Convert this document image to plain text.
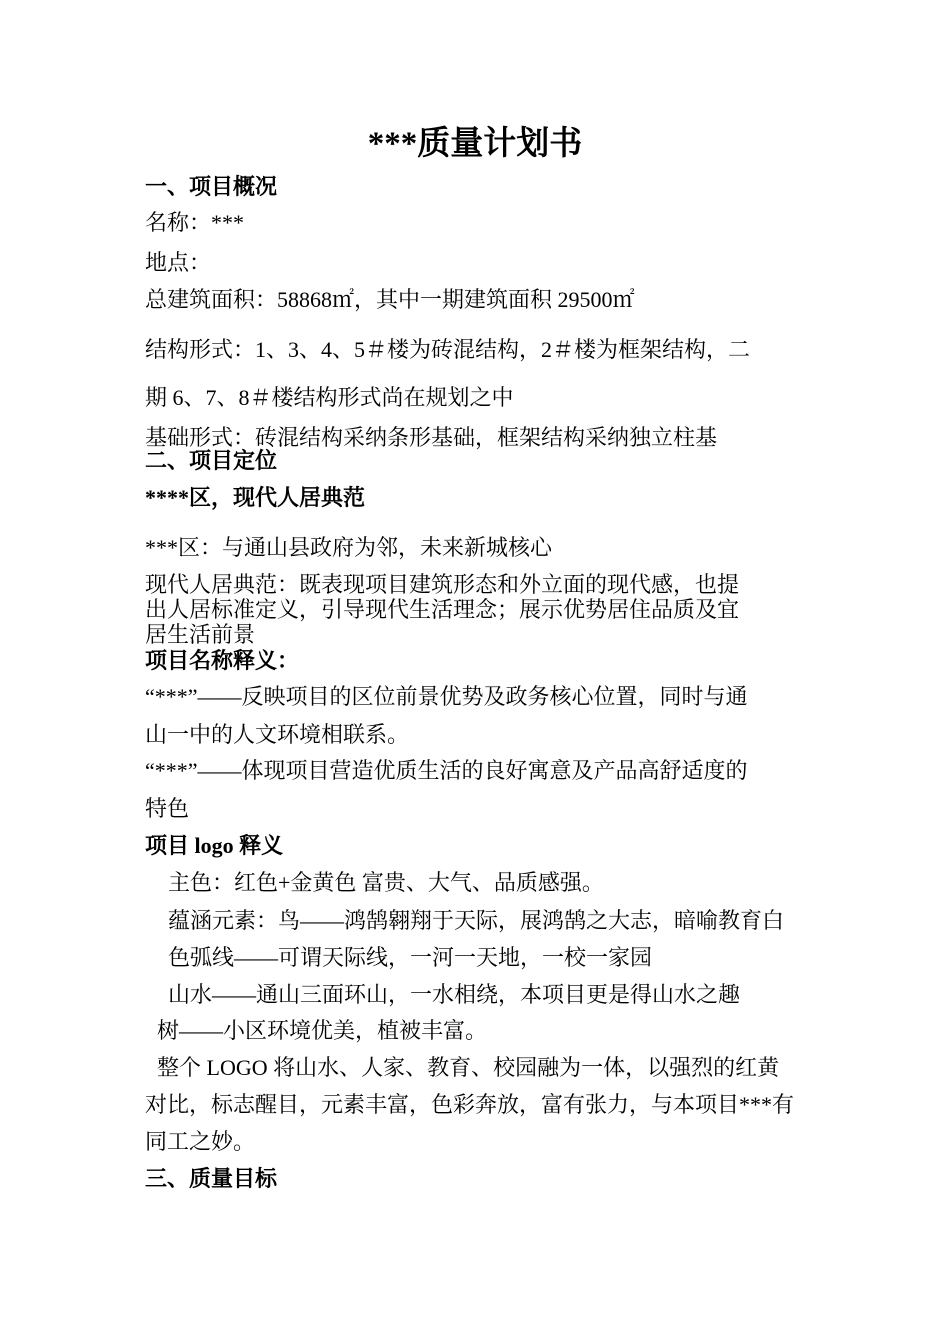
***质量计划书
一、项目概况
名称：***
地点：
总建筑面积：58868㎡，其中一期建筑面积 29500㎡
结构形式：1、3、4、5＃楼为砖混结构，2＃楼为框架结构，二
期 6、7、8＃楼结构形式尚在规划之中
基础形式：砖混结构采纳条形基础，框架结构采纳独立柱基
二、项目定位
****区，现代人居典范
***区：与通山县政府为邻，未来新城核心
现代人居典范：既表现项目建筑形态和外立面的现代感，也提
出人居标准定义，引导现代生活理念；展示优势居住品质及宜
居生活前景
项目名称释义：
“***”——反映项目的区位前景优势及政务核心位置，同时与通
山一中的人文环境相联系。
“***”——体现项目营造优质生活的良好寓意及产品高舒适度的
特色
项目 logo 释义
主色：红色+金黄色 富贵、大气、品质感强。
蕴涵元素：鸟——鸿鹄翱翔于天际，展鸿鹄之大志，暗喻教育白
色弧线——可谓天际线，一河一天地，一校一家园
山水——通山三面环山，一水相绕，本项目更是得山水之趣
树——小区环境优美，植被丰富。
整个 LOGO 将山水、人家、教育、校园融为一体，以强烈的红黄
对比，标志醒目，元素丰富，色彩奔放，富有张力，与本项目***有
同工之妙。
三、质量目标
